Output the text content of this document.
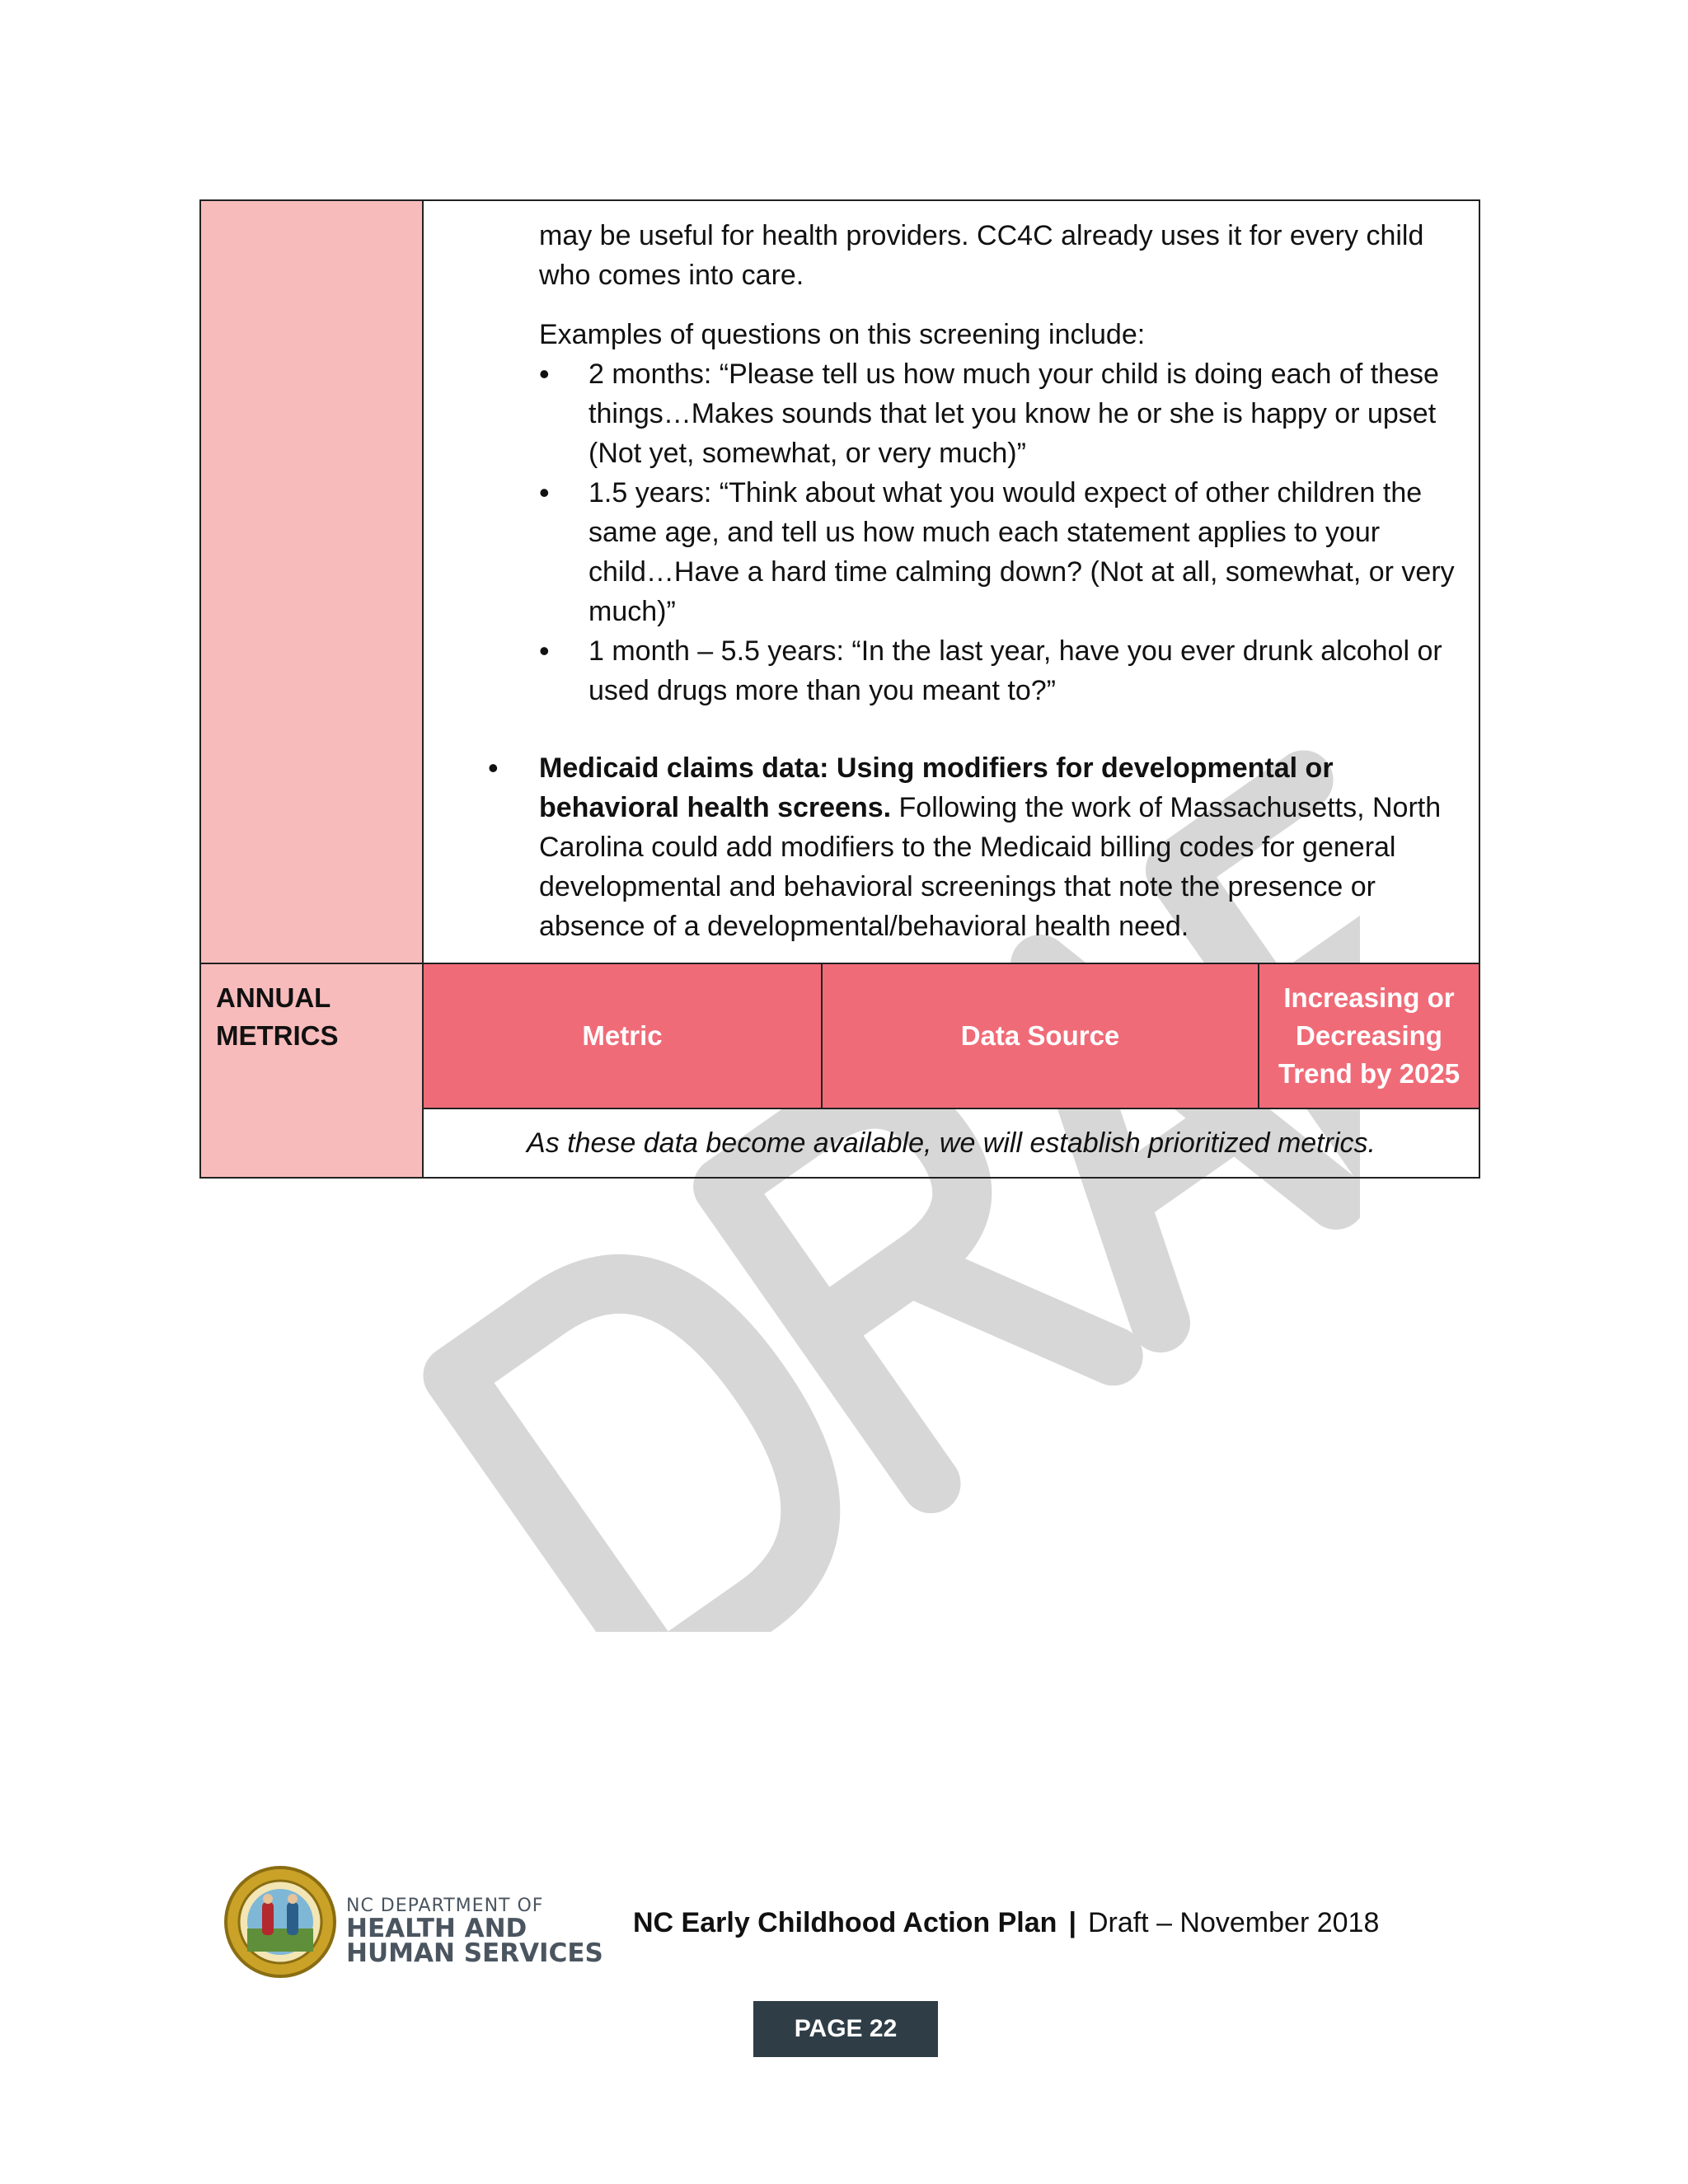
may be useful for health providers. CC4C already uses it for every child who comes into care.

Examples of questions on this screening include:
• 2 months: “Please tell us how much your child is doing each of these things…Makes sounds that let you know he or she is happy or upset (Not yet, somewhat, or very much)”
• 1.5 years: “Think about what you would expect of other children the same age, and tell us how much each statement applies to your child…Have a hard time calming down? (Not at all, somewhat, or very much)”
• 1 month – 5.5 years: “In the last year, have you ever drunk alcohol or used drugs more than you meant to?”
• Medicaid claims data: Using modifiers for developmental or behavioral health screens. Following the work of Massachusetts, North Carolina could add modifiers to the Medicaid billing codes for general developmental and behavioral screenings that note the presence or absence of a developmental/behavioral health need.
ANNUAL METRICS	Metric	Data Source
Increasing or Decreasing Trend by 2025
As these data become available, we will establish prioritized metrics.
NC DEPARTMENT OF
HEALTH AND
HUMAN SERVICES
NC Early Childhood Action Plan | Draft – November 2018
PAGE 22
